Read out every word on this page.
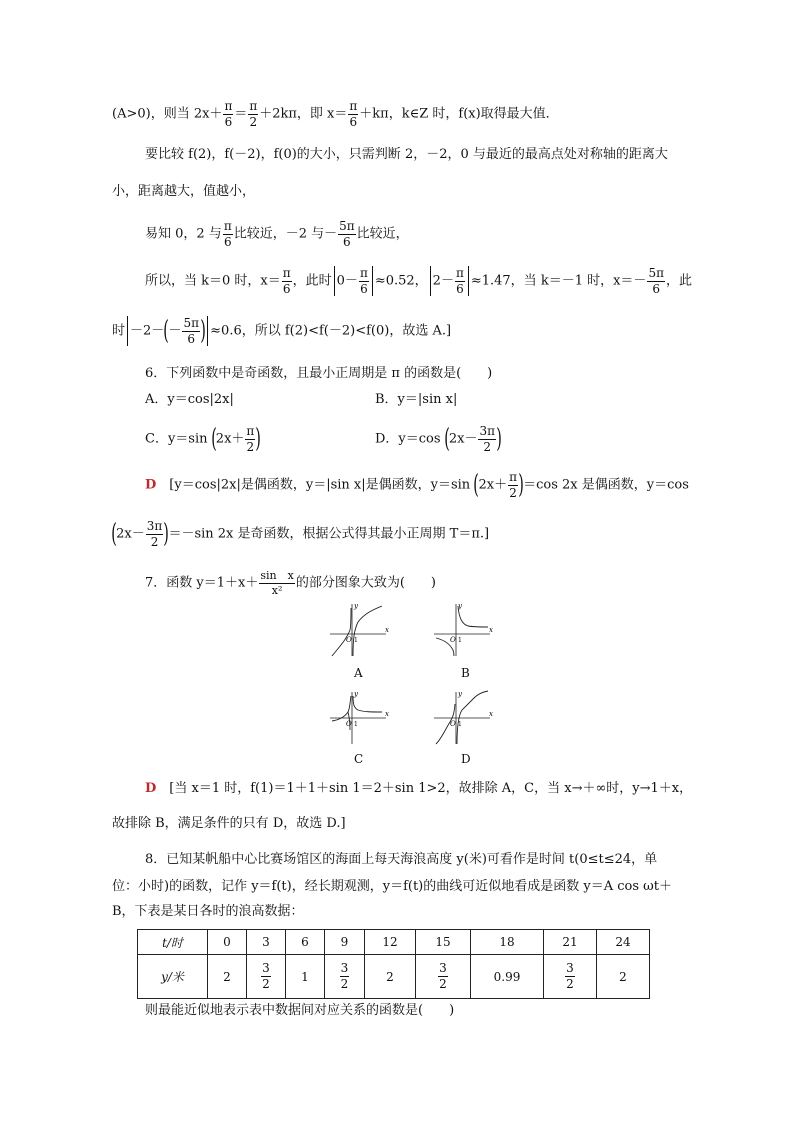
(A>0)，则当 $2x+ \frac{\pi}{6} = \frac{\pi}{2} +2k\pi$，即 $x= \frac{\pi}{6} +k\pi$，k∈Z 时，f(x)取得最大值．
要比较 f(2)，f(－2)，f(0)的大小，只需判断 2，－2，0 与最近的最高点处对称轴的距离大
小，距离越大，值越小，
易知 0，2 与 $\frac{\pi}{6}$ 比较近，－2 与－ $\frac{5\pi}{6}$ 比较近，
所以，当 k＝0 时，$x= \frac{\pi}{6}$ ，此时 $0- \frac{\pi}{6} \approx 0.52$， $2- \frac{\pi}{6} \approx 1.47$，当 k＝－1 时，$x=- \frac{5\pi}{6}$ ，此
时 $-2-(- \frac{5\pi}{6}$ ) ≈0.6，所以 f(2)<f(－2)<f(0)，故选 A.]
6．下列函数中是奇函数，且最小正周期是 π 的函数是(　　)
A．y＝cos|2x|	B．y＝|sin x|
C．y＝sin ($2x+ \frac{\pi}{2}$ )	D．y＝cos ($2x- \frac{3\pi}{2}$ )
D　 [y＝cos|2x|是偶函数，y＝|sin x|是偶函数，y＝sin $(2x+ \frac{\pi}{2} )=\cos$ 2x 是偶函数，y＝cos
$(2x- \frac{3\pi}{2} )=-\sin$ 2x 是奇函数，根据公式得其最小正周期 T＝π.]
7．函数 $y=1+x+ \frac{\text{sin　x}}{\text{x²}}$ 的部分图象大致为(　　)
x
y
O 1
x
y
O 1
A	B
x
y
O 1
x
y
O 1
C	D
D　 [当 x＝1 时，f(1)＝1＋1＋sin 1＝2＋sin 1>2，故排除 A，C，当 x→＋∞时，y→1＋x，
故排除 B，满足条件的只有 D，故选 D.]
8．已知某帆船中心比赛场馆区的海面上每天海浪高度 y(米)可看作是时间 t(0≤t≤24，单
位：小时)的函数，记作 y＝f(t)，经长期观测，y＝f(t)的曲线可近似地看成是函数 y＝A cos ωt＋
B，下表是某日各时的浪高数据：
t/时	0	3	6	9	12	15	18	21	24
y/米	2	$\frac{3}{2}$	1	$\frac{3}{2}$	2	$\frac{3}{2}$	0.99	$\frac{3}{2}$	2
则最能近似地表示表中数据间对应关系的函数是(　　)
